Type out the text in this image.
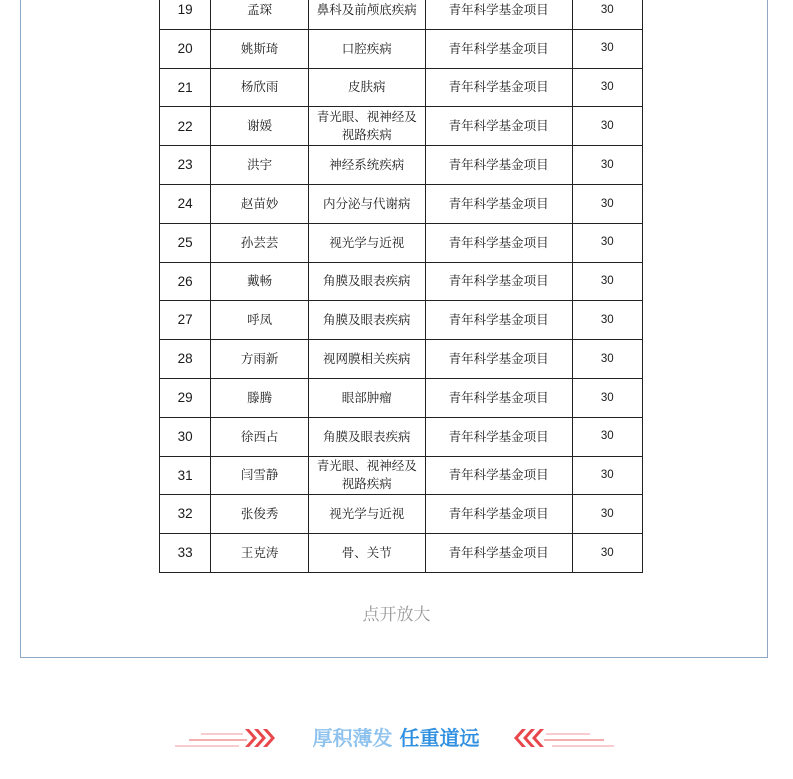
19	孟琛	鼻科及前颅底疾病	青年科学基金项目	30
20	姚斯琦	口腔疾病	青年科学基金项目	30
21	杨欣雨	皮肤病	青年科学基金项目	30
22	谢媛	青光眼、视神经及视路疾病	青年科学基金项目	30
23	洪宇	神经系统疾病	青年科学基金项目	30
24	赵苗妙	内分泌与代谢病	青年科学基金项目	30
25	孙芸芸	视光学与近视	青年科学基金项目	30
26	戴畅	角膜及眼表疾病	青年科学基金项目	30
27	呼凤	角膜及眼表疾病	青年科学基金项目	30
28	方雨新	视网膜相关疾病	青年科学基金项目	30
29	滕腾	眼部肿瘤	青年科学基金项目	30
30	徐西占	角膜及眼表疾病	青年科学基金项目	30
31	闫雪静	青光眼、视神经及视路疾病	青年科学基金项目	30
32	张俊秀	视光学与近视	青年科学基金项目	30
33	王克涛	骨、关节	青年科学基金项目	30
点开放大
厚积薄发 任重道远
